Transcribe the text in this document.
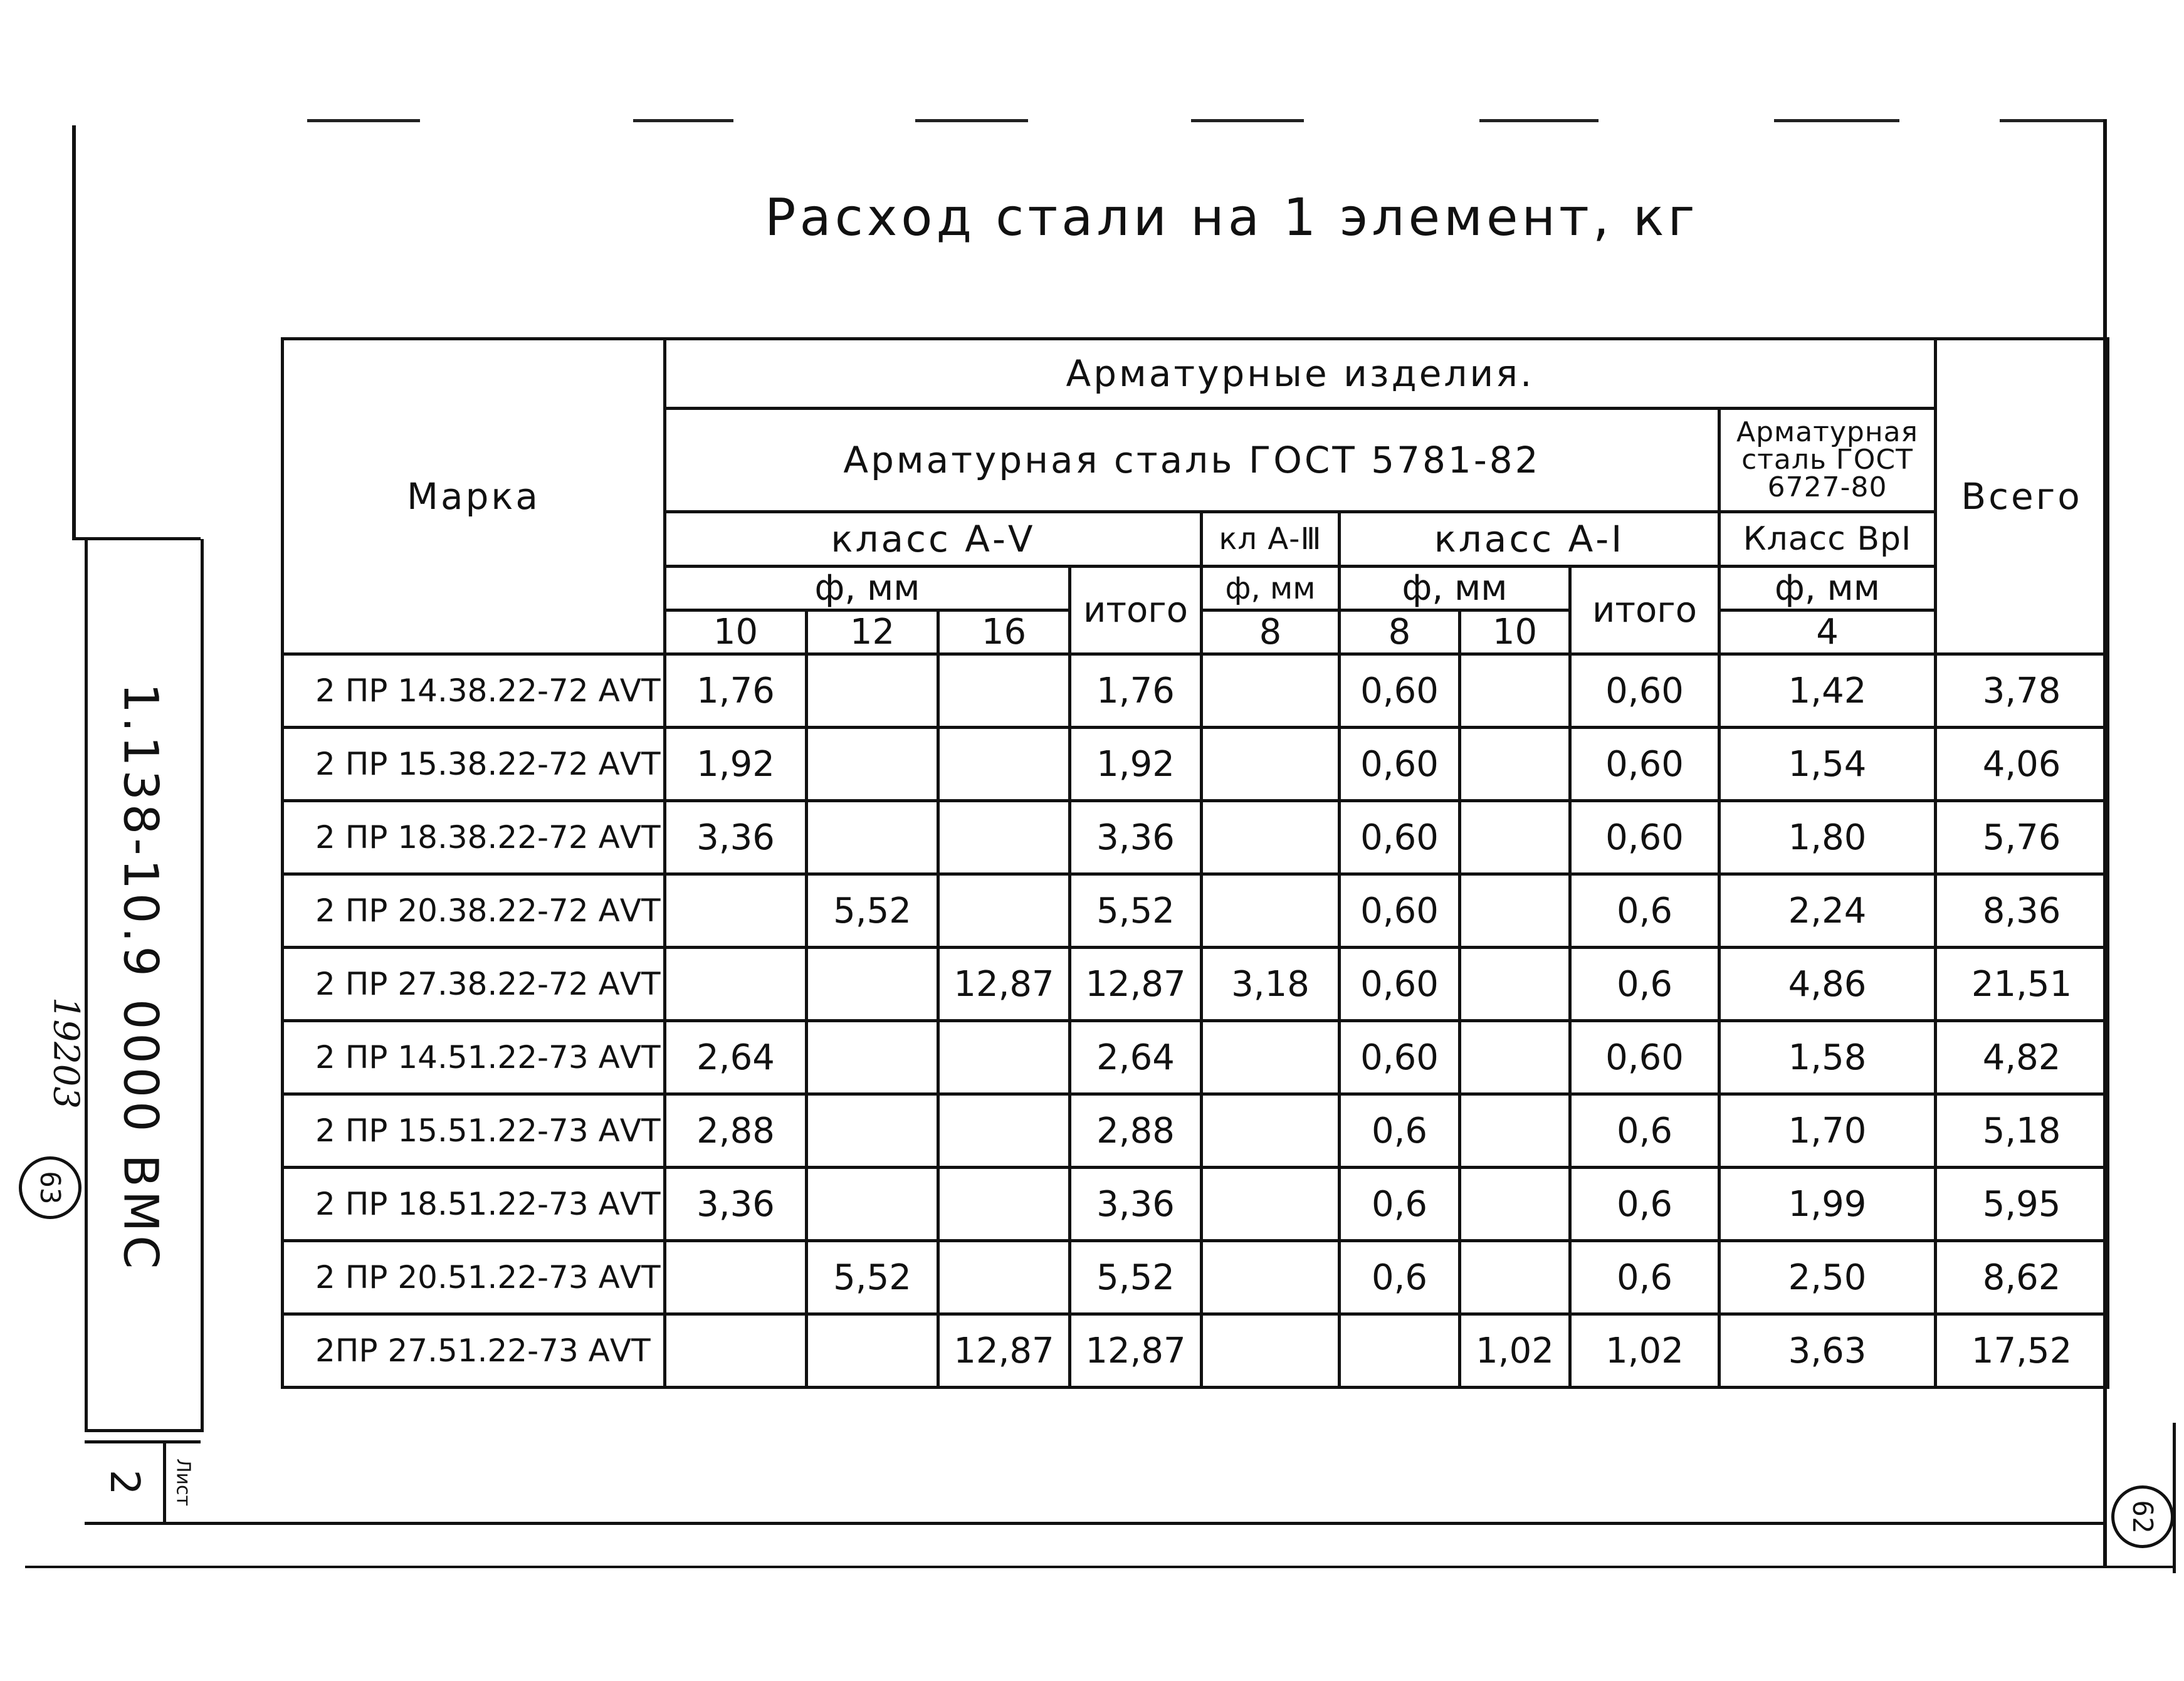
Расход стали на 1 элемент, кг
Марка	Арматурные изделия.									Всего
	Арматурная сталь ГОСТ 5781-82								Арматурная сталь ГОСТ 6727-80	
	класс А-Ⅴ				кл А-Ⅲ	класс А-Ⅰ			Класс ВрⅠ	
	ф, мм			итого	ф, мм	ф, мм		итого	ф, мм	
	10	12	16		8	8	10		4	
2 ПР 14.38.22-72 АⅤТ	1,76			1,76		0,60		0,60	1,42	3,78
2 ПР 15.38.22-72 АⅤТ	1,92			1,92		0,60		0,60	1,54	4,06
2 ПР 18.38.22-72 АⅤТ	3,36			3,36		0,60		0,60	1,80	5,76
2 ПР 20.38.22-72 АⅤТ		5,52		5,52		0,60		0,6	2,24	8,36
2 ПР 27.38.22-72 АⅤТ			12,87	12,87	3,18	0,60		0,6	4,86	21,51
2 ПР 14.51.22-73 АⅤТ	2,64			2,64		0,60		0,60	1,58	4,82
2 ПР 15.51.22-73 АⅤТ	2,88			2,88		0,6		0,6	1,70	5,18
2 ПР 18.51.22-73 АⅤТ	3,36			3,36		0,6		0,6	1,99	5,95
2 ПР 20.51.22-73 АⅤТ		5,52		5,52		0,6		0,6	2,50	8,62
2ПР 27.51.22-73 АⅤТ			12,87	12,87			1,02	1,02	3,63	17,52
1.138-10.9 0000 ВМС
2 Лист
19203
63
62
